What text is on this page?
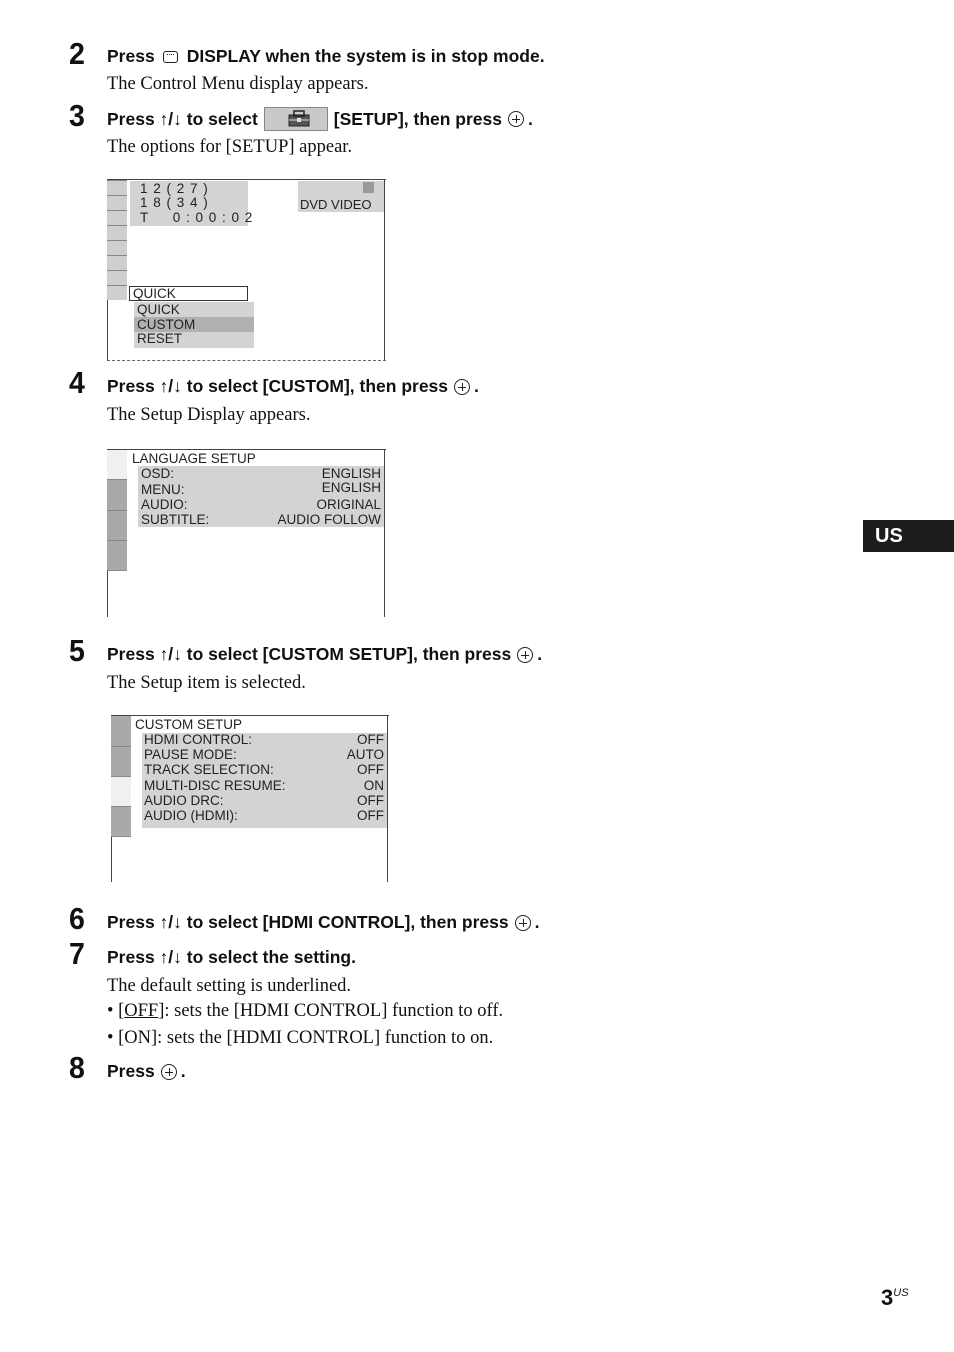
2 Press DISPLAY when the system is in stop mode.
The Control Menu display appears.
3 Press ↑/↓ to select	[SETUP], then press .
The options for [SETUP] appear.
1 2 ( 2 7 )
1 8 ( 3 4 )
T     0 : 0 0 : 0 2
DVD VIDEO
QUICK
QUICK
CUSTOM
RESET
4 Press ↑/↓ to select [CUSTOM], then press .
The Setup Display appears.
LANGUAGE SETUP
OSD:	ENGLISH
MENU:	ENGLISH
AUDIO:	ORIGINAL
SUBTITLE:	AUDIO FOLLOW
US
5 Press ↑/↓ to select [CUSTOM SETUP], then press .
The Setup item is selected.
CUSTOM SETUP
HDMI CONTROL:	OFF
PAUSE MODE:	AUTO
TRACK SELECTION:	OFF
MULTI-DISC RESUME:	ON
AUDIO DRC:	OFF
AUDIO (HDMI):	OFF
6 Press ↑/↓ to select [HDMI CONTROL], then press .
7 Press ↑/↓ to select the setting.
The default setting is underlined.
• [OFF]: sets the [HDMI CONTROL] function to off.
• [ON]: sets the [HDMI CONTROL] function to on.
8 Press .
$3^{US}$
